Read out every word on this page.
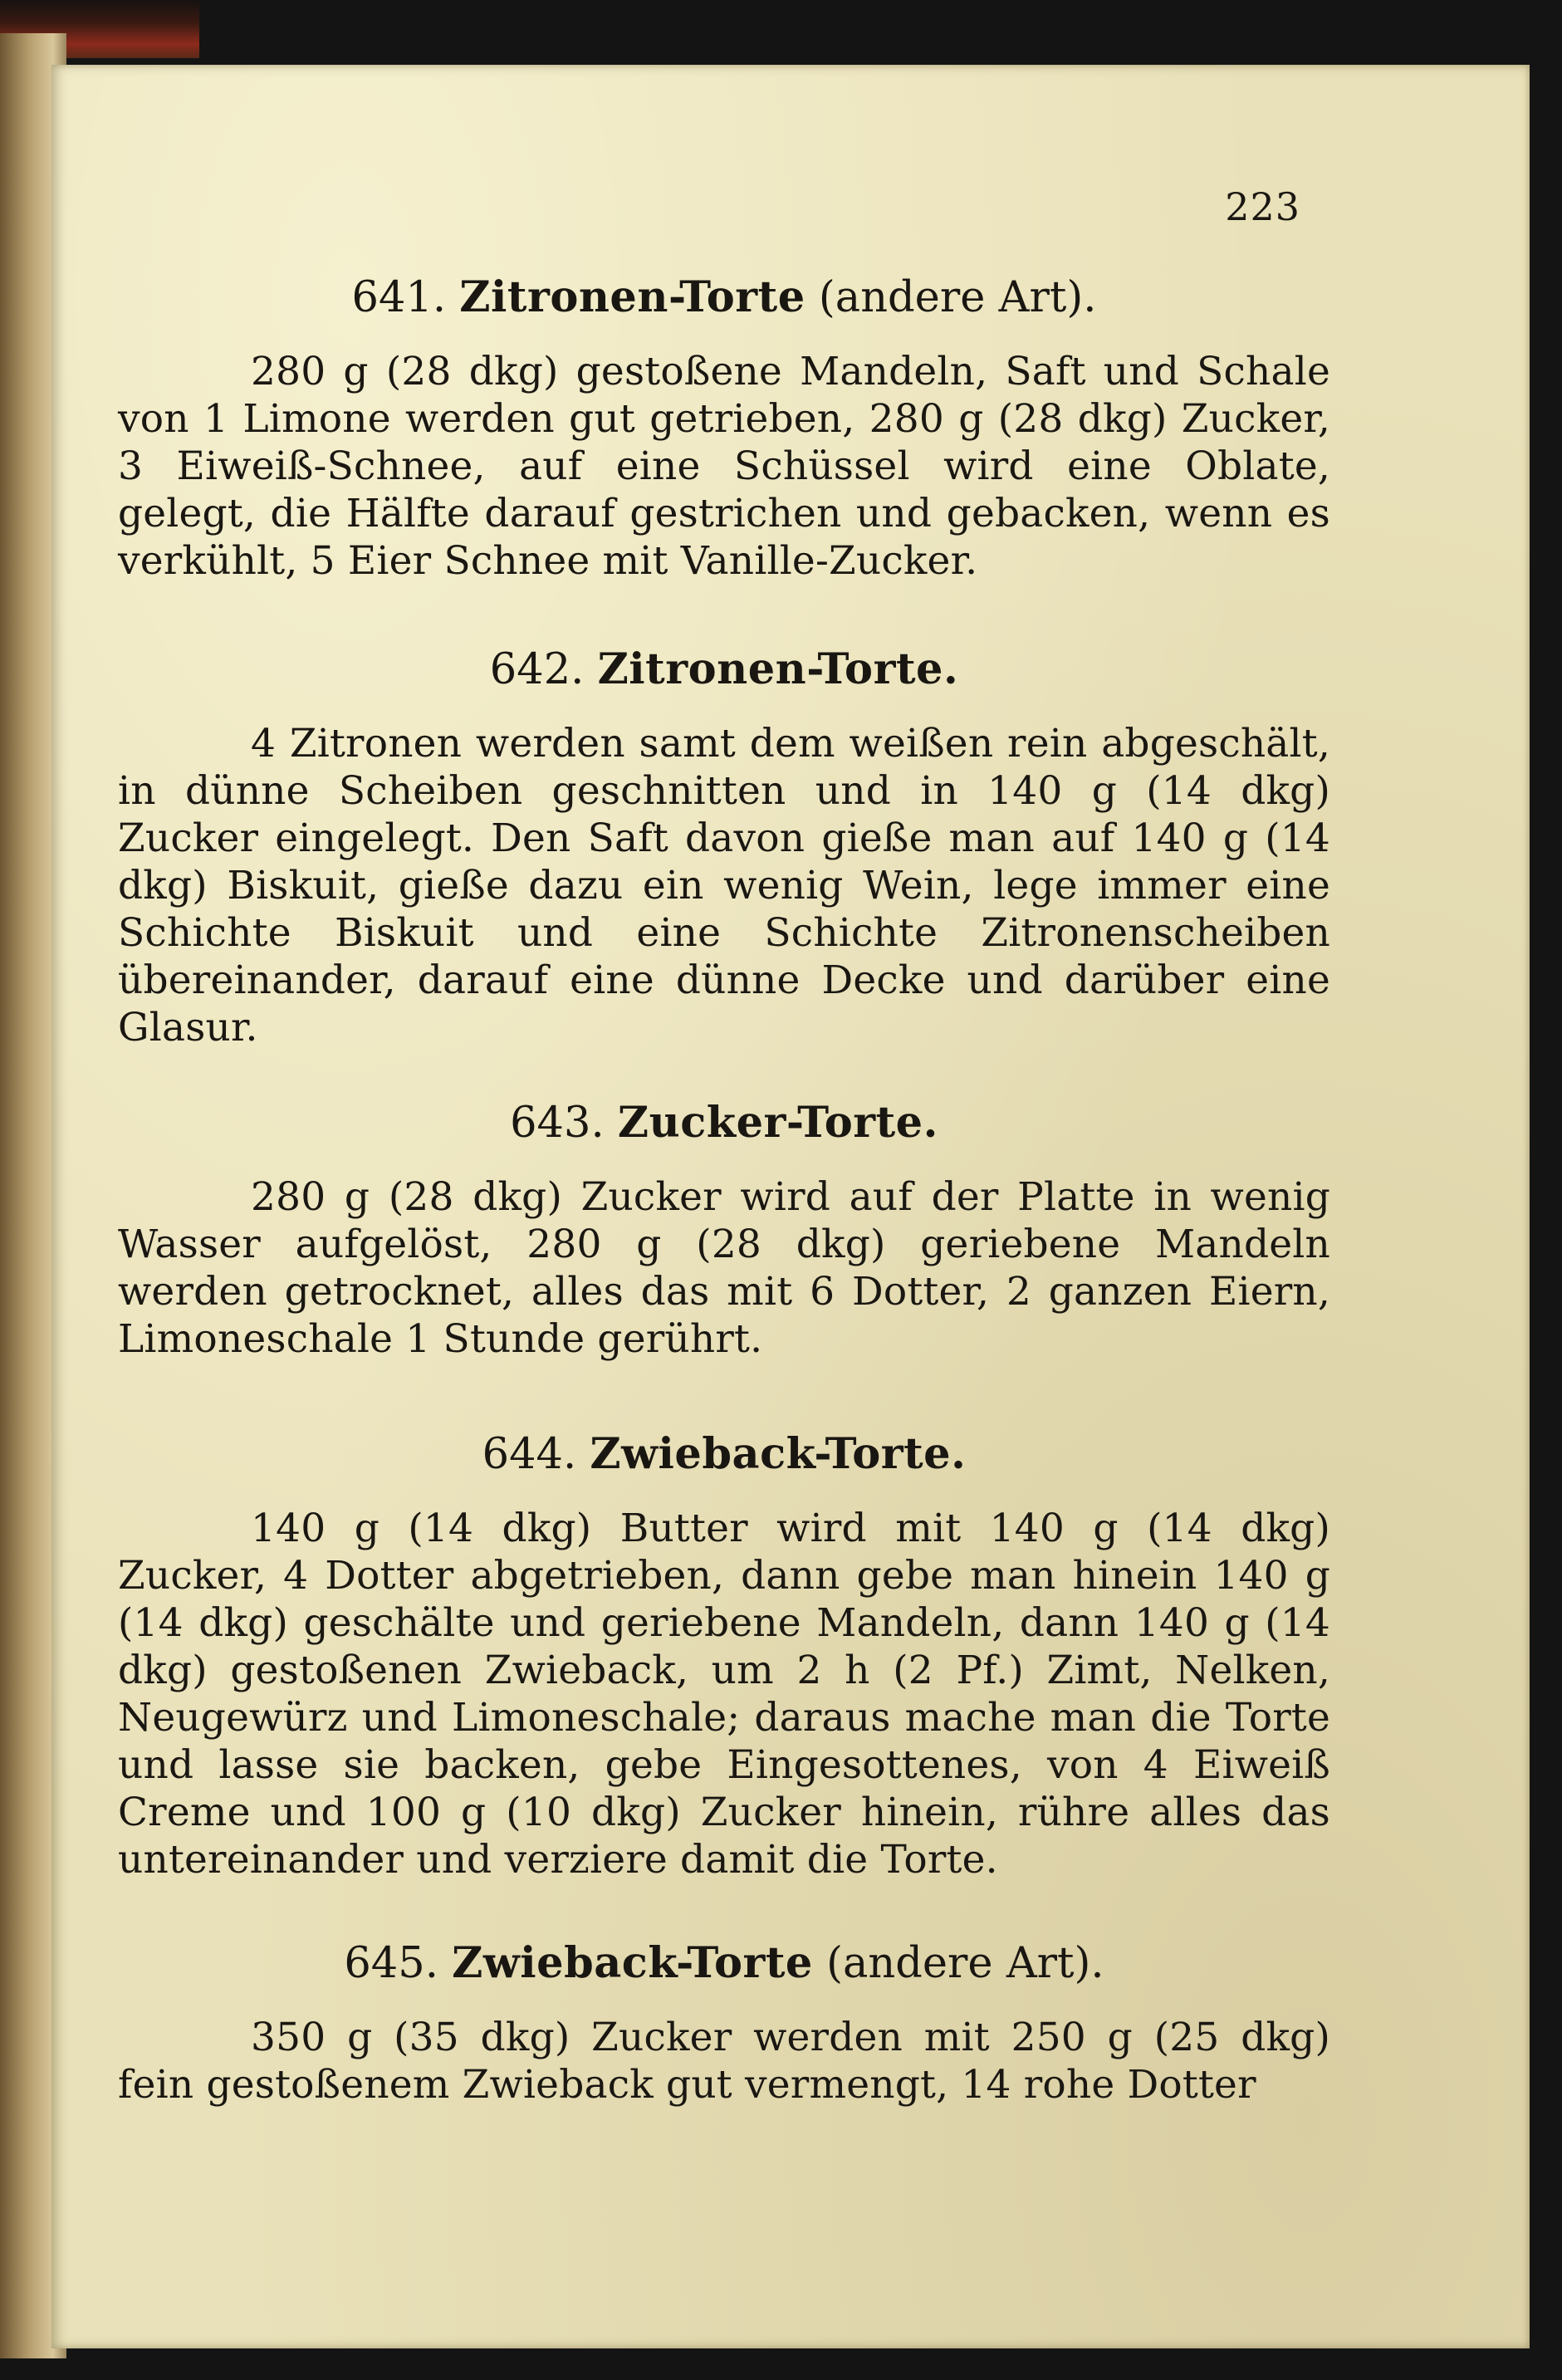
223
641. Zitronen-Torte (andere Art).

280 g (28 dkg) gestoßene Mandeln, Saft und Schale von 1 Limone werden gut getrieben, 280 g (28 dkg) Zucker, 3 Eiweiß-Schnee, auf eine Schüssel wird eine Oblate, gelegt, die Hälfte darauf gestrichen und gebacken, wenn es verkühlt, 5 Eier Schnee mit Vanille-Zucker.

642. Zitronen-Torte.

4 Zitronen werden samt dem weißen rein abgeschält, in dünne Scheiben geschnitten und in 140 g (14 dkg) Zucker eingelegt. Den Saft davon gieße man auf 140 g (14 dkg) Biskuit, gieße dazu ein wenig Wein, lege immer eine Schichte Biskuit und eine Schichte Zitronenscheiben übereinander, darauf eine dünne Decke und darüber eine Glasur.

643. Zucker-Torte.

280 g (28 dkg) Zucker wird auf der Platte in wenig Wasser aufgelöst, 280 g (28 dkg) geriebene Mandeln werden getrocknet, alles das mit 6 Dotter, 2 ganzen Eiern, Limoneschale 1 Stunde gerührt.

644. Zwieback-Torte.

140 g (14 dkg) Butter wird mit 140 g (14 dkg) Zucker, 4 Dotter abgetrieben, dann gebe man hinein 140 g (14 dkg) geschälte und geriebene Mandeln, dann 140 g (14 dkg) gestoßenen Zwieback, um 2 h (2 Pf.) Zimt, Nelken, Neugewürz und Limoneschale; daraus mache man die Torte und lasse sie backen, gebe Eingesottenes, von 4 Eiweiß Creme und 100 g (10 dkg) Zucker hinein, rühre alles das untereinander und verziere damit die Torte.

645. Zwieback-Torte (andere Art).

350 g (35 dkg) Zucker werden mit 250 g (25 dkg) fein gestoßenem Zwieback gut vermengt, 14 rohe Dotter
